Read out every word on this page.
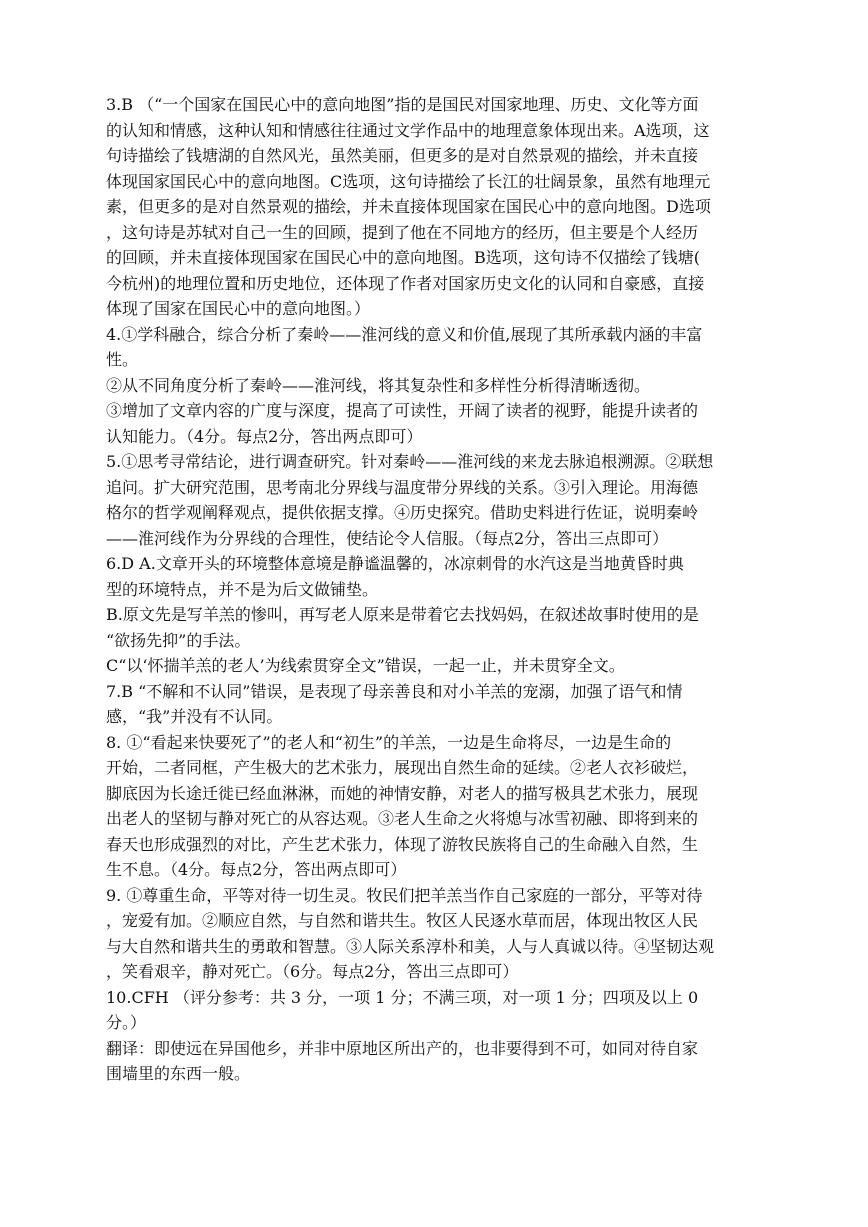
3.B （“一个国家在国民心中的意向地图”指的是国民对国家地理、历史、文化等方面
的认知和情感，这种认知和情感往往通过文学作品中的地理意象体现出来。A选项，这
句诗描绘了钱塘湖的自然风光，虽然美丽，但更多的是对自然景观的描绘，并未直接
体现国家国民心中的意向地图。C选项，这句诗描绘了长江的壮阔景象，虽然有地理元
素，但更多的是对自然景观的描绘，并未直接体现国家在国民心中的意向地图。D选项
，这句诗是苏轼对自己一生的回顾，提到了他在不同地方的经历，但主要是个人经历
的回顾，并未直接体现国家在国民心中的意向地图。B选项，这句诗不仅描绘了钱塘(
今杭州)的地理位置和历史地位，还体现了作者对国家历史文化的认同和自豪感，直接
体现了国家在国民心中的意向地图。）
4.①学科融合，综合分析了秦岭——淮河线的意义和价值,展现了其所承载内涵的丰富
性。
②从不同角度分析了秦岭——淮河线，将其复杂性和多样性分析得清晰透彻。
③增加了文章内容的广度与深度，提高了可读性，开阔了读者的视野，能提升读者的
认知能力。（4分。每点2分，答出两点即可）
5.①思考寻常结论，进行调查研究。针对秦岭——淮河线的来龙去脉追根溯源。②联想
追问。扩大研究范围，思考南北分界线与温度带分界线的关系。③引入理论。用海德
格尔的哲学观阐释观点，提供依据支撑。④历史探究。借助史料进行佐证，说明秦岭
——淮河线作为分界线的合理性，使结论令人信服。（每点2分，答出三点即可）
6.D A.文章开头的环境整体意境是静谧温馨的，冰凉刺骨的水汽这是当地黄昏时典
型的环境特点，并不是为后文做铺垫。
B.原文先是写羊羔的惨叫，再写老人原来是带着它去找妈妈，在叙述故事时使用的是
“欲扬先抑”的手法。
C“以‘怀揣羊羔的老人’为线索贯穿全文”错误，一起一止，并未贯穿全文。
7.B “不解和不认同”错误，是表现了母亲善良和对小羊羔的宠溺，加强了语气和情
感，“我”并没有不认同。
8. ①“看起来快要死了”的老人和“初生”的羊羔，一边是生命将尽，一边是生命的
开始，二者同框，产生极大的艺术张力，展现出自然生命的延续。②老人衣衫破烂，
脚底因为长途迁徙已经血淋淋，而她的神情安静，对老人的描写极具艺术张力，展现
出老人的坚韧与静对死亡的从容达观。③老人生命之火将熄与冰雪初融、即将到来的
春天也形成强烈的对比，产生艺术张力，体现了游牧民族将自己的生命融入自然，生
生不息。（4分。每点2分，答出两点即可）
9. ①尊重生命，平等对待一切生灵。牧民们把羊羔当作自己家庭的一部分，平等对待
，宠爱有加。②顺应自然，与自然和谐共生。牧区人民逐水草而居，体现出牧区人民
与大自然和谐共生的勇敢和智慧。③人际关系淳朴和美，人与人真诚以待。④坚韧达观
，笑看艰辛，静对死亡。（6分。每点2分，答出三点即可）
10.CFH （评分参考：共 3 分，一项 1 分；不满三项，对一项 1 分；四项及以上 0
分。）
翻译：即使远在异国他乡，并非中原地区所出产的，也非要得到不可，如同对待自家
围墙里的东西一般。
